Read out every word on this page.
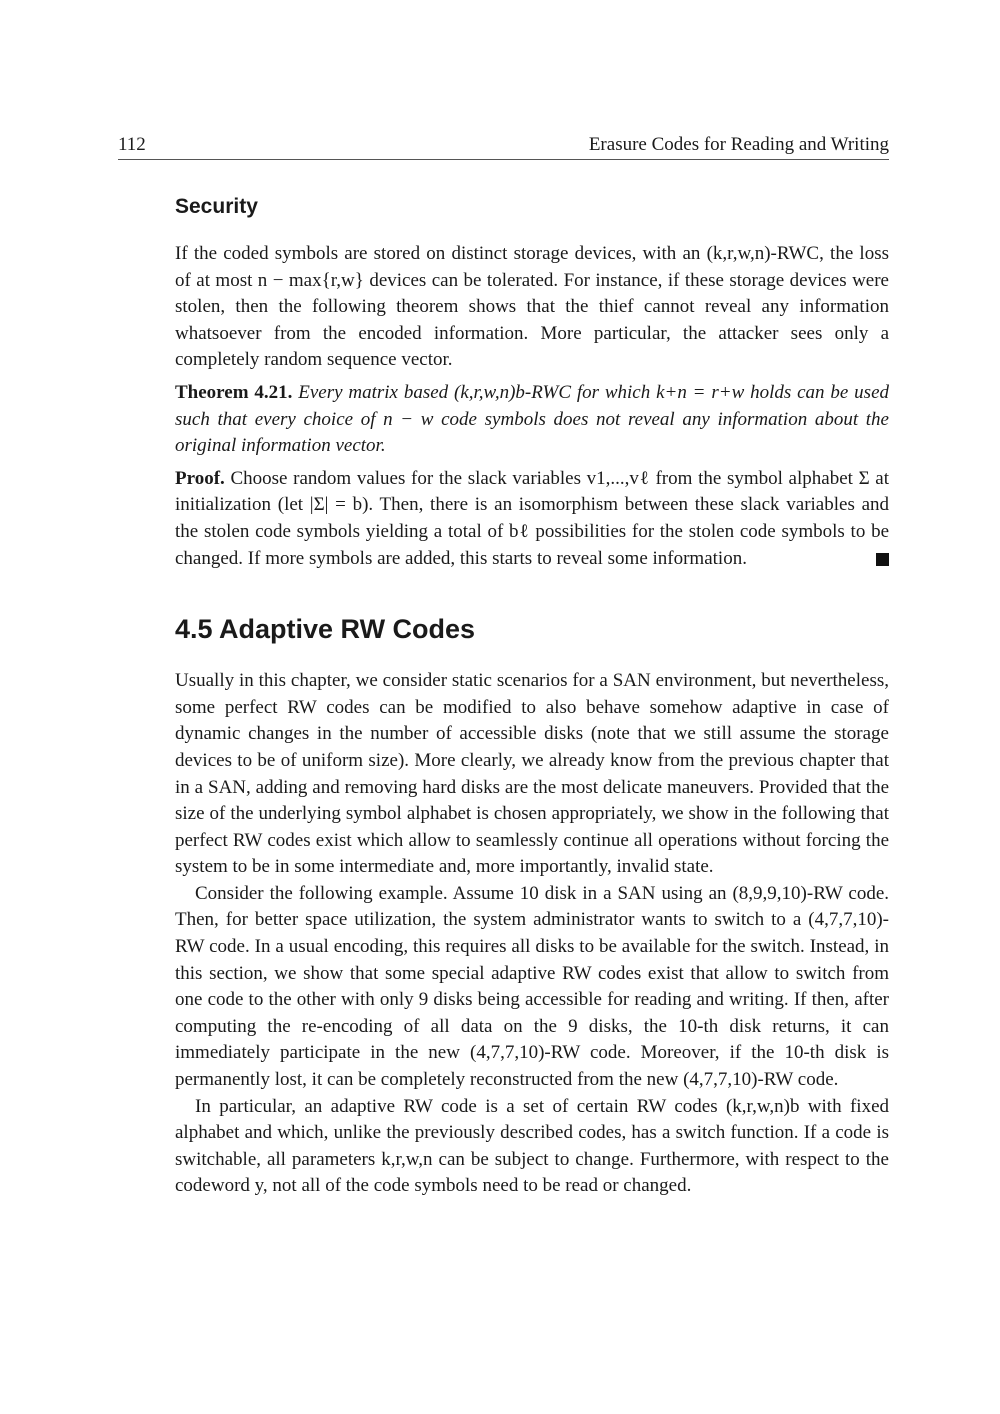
112	Erasure Codes for Reading and Writing
Security

If the coded symbols are stored on distinct storage devices, with an (k,r,w,n)-RWC, the loss of at most n − max{r,w} devices can be tolerated. For instance, if these storage devices were stolen, then the following theorem shows that the thief cannot reveal any information whatsoever from the encoded information. More particular, the attacker sees only a completely random sequence vector.

Theorem 4.21. Every matrix based (k,r,w,n)b-RWC for which k+n = r+w holds can be used such that every choice of n − w code symbols does not reveal any information about the original information vector.

Proof. Choose random values for the slack variables v1,...,vℓ from the symbol alphabet Σ at initialization (let |Σ| = b). Then, there is an isomorphism between these slack variables and the stolen code symbols yielding a total of bℓ possibilities for the stolen code symbols to be changed. If more symbols are added, this starts to reveal some information.

4.5 Adaptive RW Codes

Usually in this chapter, we consider static scenarios for a SAN environment, but nevertheless, some perfect RW codes can be modified to also behave somehow adaptive in case of dynamic changes in the number of accessible disks (note that we still assume the storage devices to be of uniform size). More clearly, we already know from the previous chapter that in a SAN, adding and removing hard disks are the most delicate maneuvers. Provided that the size of the underlying symbol alphabet is chosen appropriately, we show in the following that perfect RW codes exist which allow to seamlessly continue all operations without forcing the system to be in some intermediate and, more importantly, invalid state.

Consider the following example. Assume 10 disk in a SAN using an (8,9,9,10)-RW code. Then, for better space utilization, the system administrator wants to switch to a (4,7,7,10)-RW code. In a usual encoding, this requires all disks to be available for the switch. Instead, in this section, we show that some special adaptive RW codes exist that allow to switch from one code to the other with only 9 disks being accessible for reading and writing. If then, after computing the re-encoding of all data on the 9 disks, the 10-th disk returns, it can immediately participate in the new (4,7,7,10)-RW code. Moreover, if the 10-th disk is permanently lost, it can be completely reconstructed from the new (4,7,7,10)-RW code.

In particular, an adaptive RW code is a set of certain RW codes (k,r,w,n)b with fixed alphabet and which, unlike the previously described codes, has a switch function. If a code is switchable, all parameters k,r,w,n can be subject to change. Furthermore, with respect to the codeword y, not all of the code symbols need to be read or changed.
